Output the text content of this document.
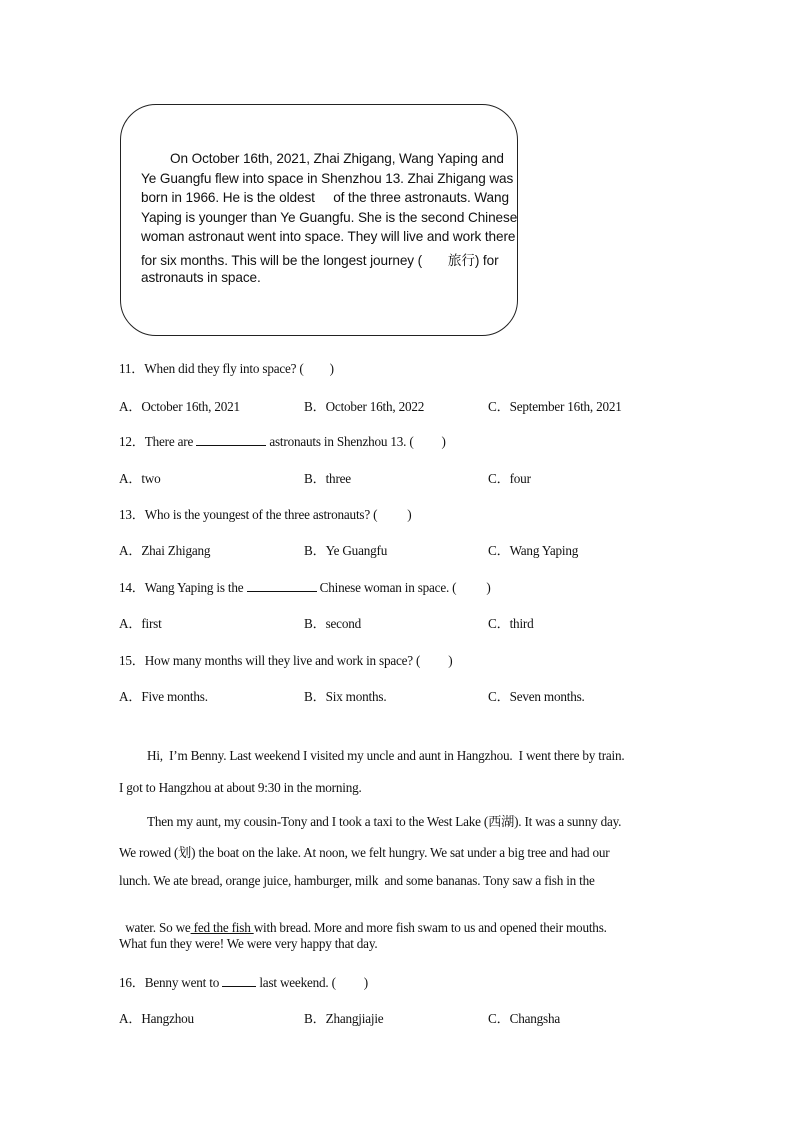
On October 16th, 2021, Zhai Zhigang, Wang Yaping and
Ye Guangfu flew into space in Shenzhou 13. Zhai Zhigang was
born in 1966. He is the oldest     of the three astronauts. Wang
Yaping is younger than Ye Guangfu. She is the second Chinese
woman astronaut went into space. They will live and work there
for six months. This will be the longest journey (       旅行) for
astronauts in space.
11．When did they fly into space? ( )
A．October 16th, 2021	B．October 16th, 2022	C．September 16th, 2021
12．There are	astronauts in Shenzhou 13. ( )
A．two	B．three	C．four
13．Who is the youngest of the three astronauts? ( )
A．Zhai Zhigang	B．Ye Guangfu	C．Wang Yaping
14．Wang Yaping is the	Chinese woman in space. ( )
A．first	B．second	C．third
15．How many months will they live and work in space? ( )
A．Five months.	B．Six months.	C．Seven months.
Hi,  I’m Benny. Last weekend I visited my uncle and aunt in Hangzhou.  I went there by train.
I got to Hangzhou at about 9:30 in the morning.
Then my aunt, my cousin-Tony and I took a taxi to the West Lake (西湖). It was a sunny day.
We rowed (划) the boat on the lake. At noon, we felt hungry. We sat under a big tree and had our
lunch. We ate bread, orange juice, hamburger, milk  and some bananas. Tony saw a fish in the

water. So we fed the fish with bread. More and more fish swam to us and opened their mouths.

What fun they were! We were very happy that day.
16．Benny went to	last weekend. ( )
A．Hangzhou	B．Zhangjiajie	C．Changsha
